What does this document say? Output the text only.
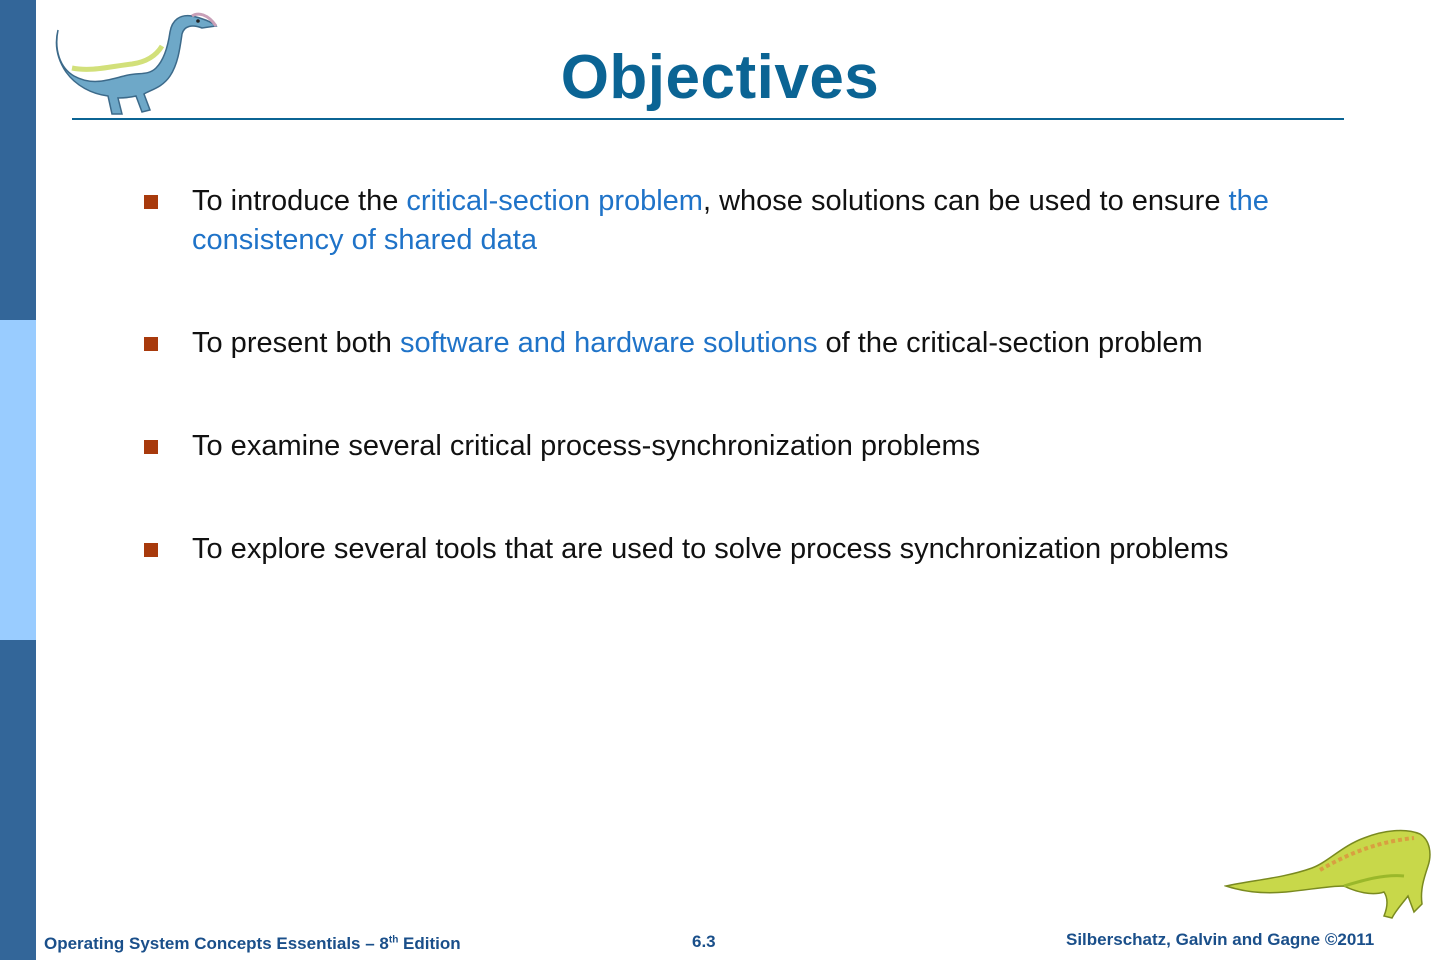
Objectives
To introduce the critical-section problem, whose solutions can be used to ensure the consistency of shared data
To present both software and hardware solutions of the critical-section problem
To examine several critical process-synchronization problems
To explore several tools that are used to solve process synchronization problems
Operating System Concepts Essentials – 8th Edition	6.3	Silberschatz, Galvin and Gagne ©2011
